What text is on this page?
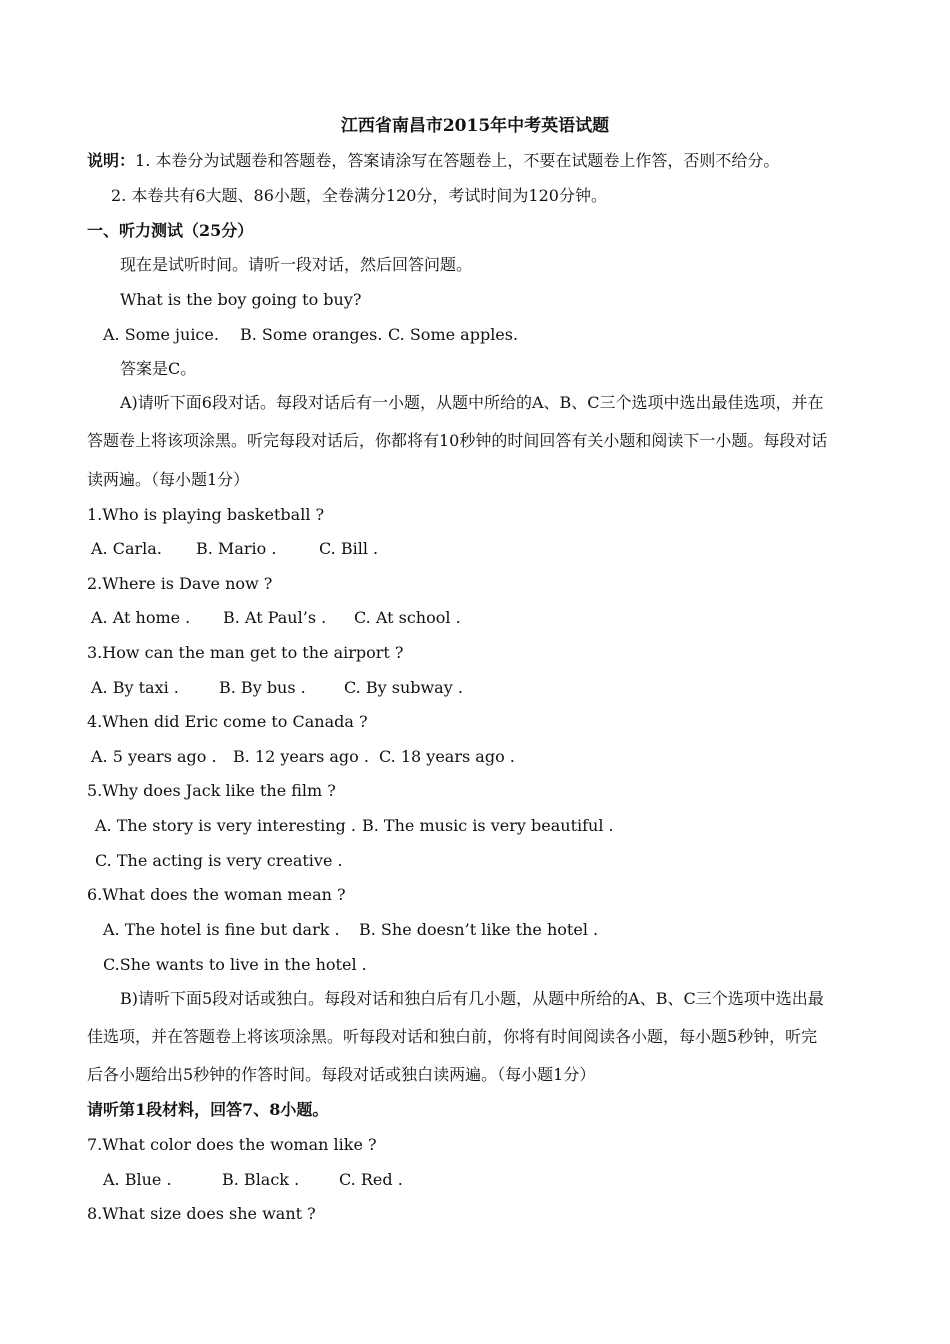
江西省南昌市2015年中考英语试题
说明：1. 本卷分为试题卷和答题卷，答案请涂写在答题卷上，不要在试题卷上作答，否则不给分。
2. 本卷共有6大题、86小题，全卷满分120分，考试时间为120分钟。
一、听力测试（25分）
现在是试听时间。请听一段对话，然后回答问题。
What is the boy going to buy?
A. Some juice. B. Some oranges. C. Some apples.
答案是C。
A)请听下面6段对话。每段对话后有一小题，从题中所给的A、B、C三个选项中选出最佳选项，并在
答题卷上将该项涂黑。听完每段对话后，你都将有10秒钟的时间回答有关小题和阅读下一小题。每段对话
读两遍。（每小题1分）
1.Who is playing basketball ?
A. Carla. B. Mario .	C. Bill .
2.Where is Dave now ?
A. At home . B. At Paul’s . C. At school .
3.How can the man get to the airport ?
A. By taxi .	B. By bus . C. By subway .
4.When did Eric come to Canada ?
A. 5 years ago . B. 12 years ago . C. 18 years ago .
5.Why does Jack like the film ?
A. The story is very interesting . B. The music is very beautiful .
C. The acting is very creative .
6.What does the woman mean ?
A. The hotel is fine but dark . B. She doesn’t like the hotel .
C.She wants to live in the hotel .
B)请听下面5段对话或独白。每段对话和独白后有几小题，从题中所给的A、B、C三个选项中选出最
佳选项，并在答题卷上将该项涂黑。听每段对话和独白前，你将有时间阅读各小题，每小题5秒钟，听完
后各小题给出5秒钟的作答时间。每段对话或独白读两遍。（每小题1分）
请听第1段材料，回答7、8小题。
7.What color does the woman like ?
A. Blue .	B. Black . C. Red .
8.What size does she want ?
